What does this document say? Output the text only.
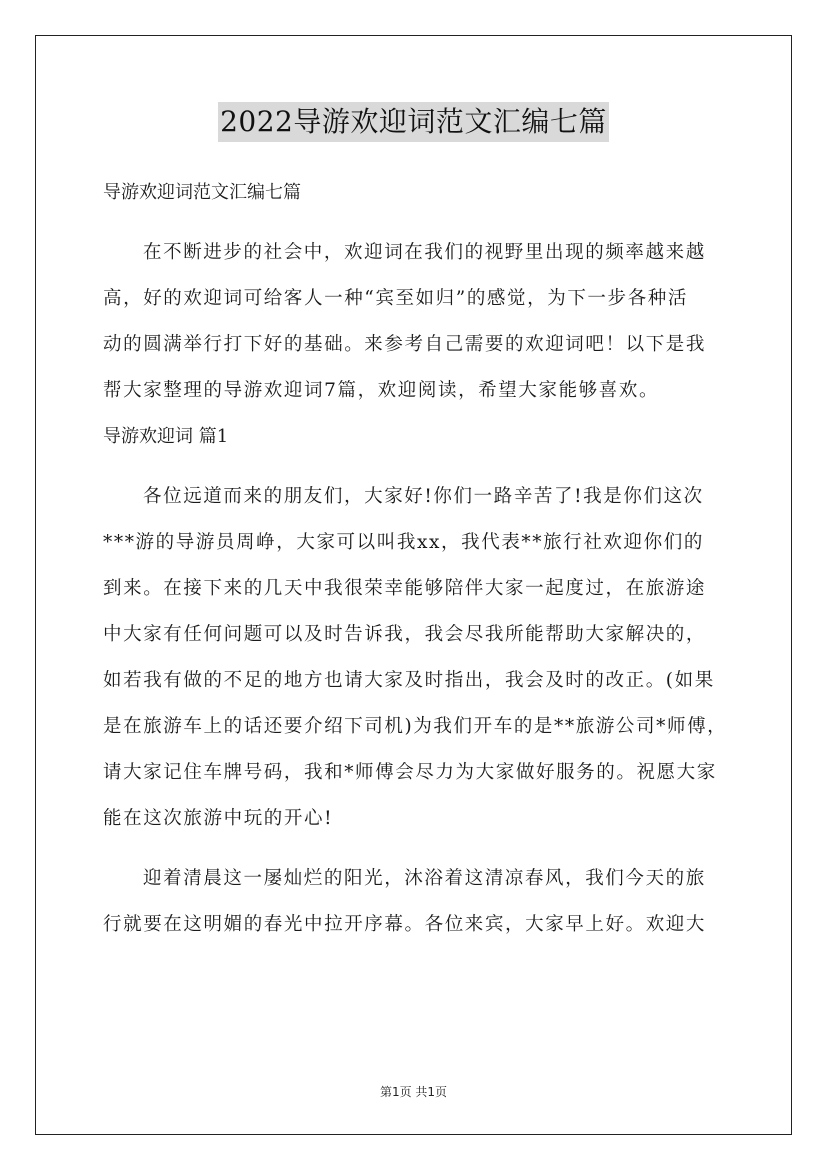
2022导游欢迎词范文汇编七篇

导游欢迎词范文汇编七篇

在不断进步的社会中，欢迎词在我们的视野里出现的频率越来越
高，好的欢迎词可给客人一种“宾至如归”的感觉，为下一步各种活
动的圆满举行打下好的基础。来参考自己需要的欢迎词吧！以下是我
帮大家整理的导游欢迎词7篇，欢迎阅读，希望大家能够喜欢。

导游欢迎词 篇1

各位远道而来的朋友们，大家好!你们一路辛苦了!我是你们这次
***游的导游员周峥，大家可以叫我xx，我代表**旅行社欢迎你们的
到来。在接下来的几天中我很荣幸能够陪伴大家一起度过，在旅游途
中大家有任何问题可以及时告诉我，我会尽我所能帮助大家解决的，
如若我有做的不足的地方也请大家及时指出，我会及时的改正。(如果
是在旅游车上的话还要介绍下司机)为我们开车的是**旅游公司*师傅，
请大家记住车牌号码，我和*师傅会尽力为大家做好服务的。祝愿大家
能在这次旅游中玩的开心!
迎着清晨这一屡灿烂的阳光，沐浴着这清凉春风，我们今天的旅
行就要在这明媚的春光中拉开序幕。各位来宾，大家早上好。欢迎大
第1页 共1页
